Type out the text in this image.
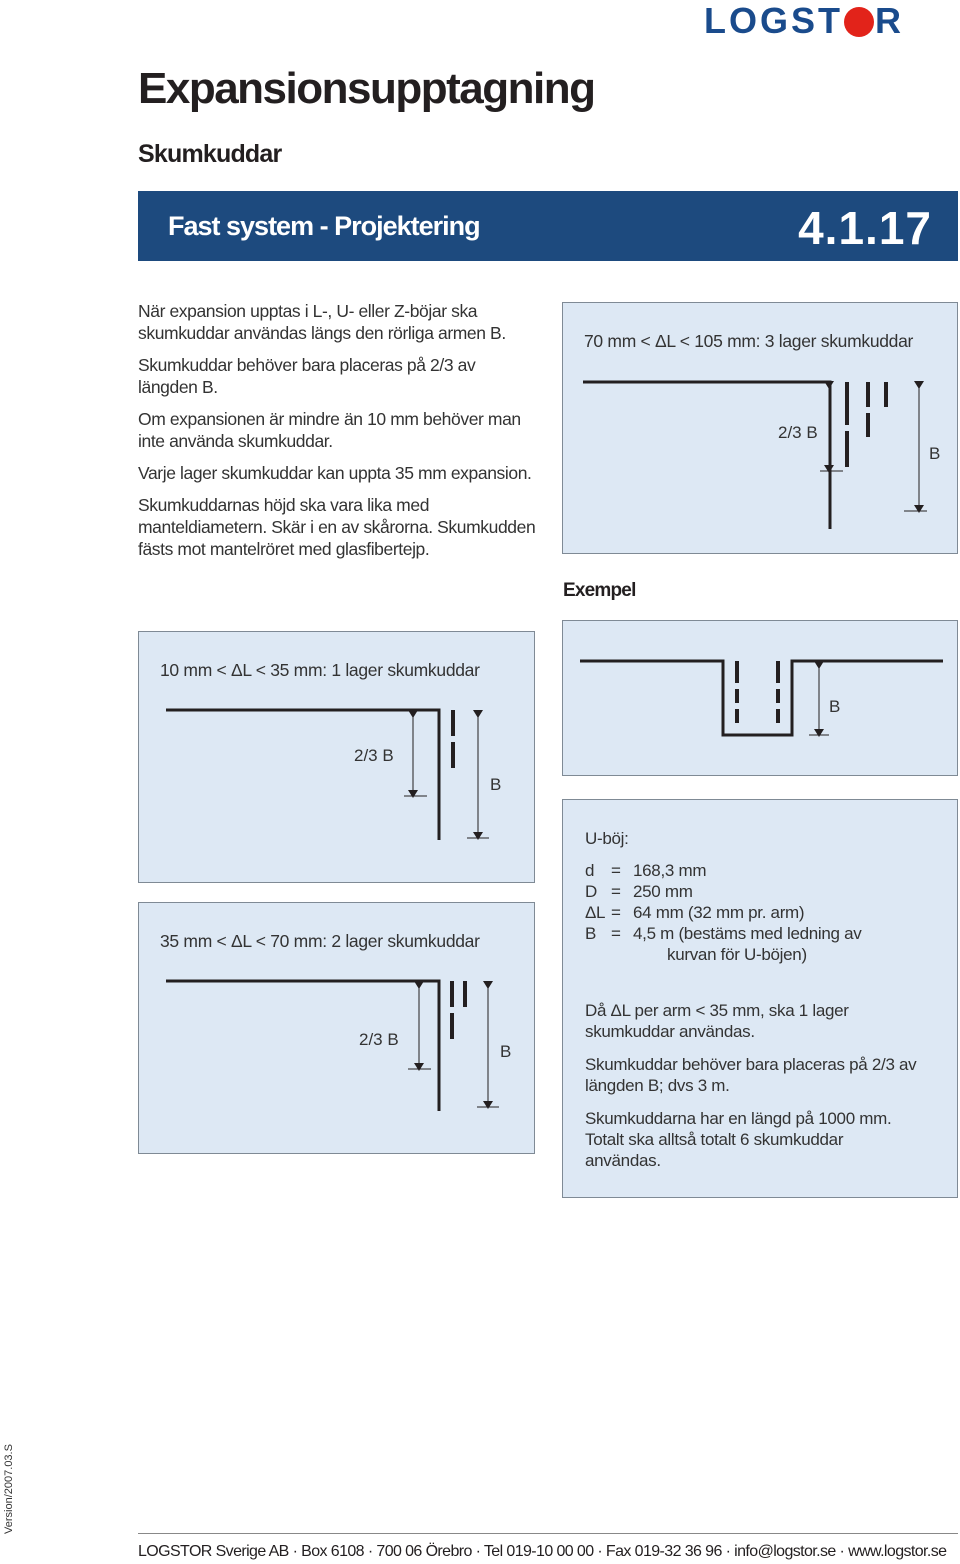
LOGST R
Expansionsupptagning
Skumkuddar
Fast system - Projektering	4.1.17

När expansion upptas i L-, U- eller Z-böjar ska skumkuddar användas längs den rörliga armen B.

Skumkuddar behöver bara placeras på 2/3 av längden B.

Om expansionen är mindre än 10 mm behöver man inte använda skumkuddar.

Varje lager skumkuddar kan uppta 35 mm expansion.

Skumkuddarnas höjd ska vara lika med manteldiametern. Skär i en av skårorna. Skumkudden fästs mot mantelröret med glasfibertejp.

70 mm < ΔL < 105 mm: 3 lager skumkuddar
2/3 B
B
Exempel
10 mm < ΔL < 35 mm: 1 lager skumkuddar
2/3 B
B
B
U-böj:
d = 168,3 mm
D = 250 mm
ΔL = 64 mm (32 mm pr. arm)
B = 4,5 m (bestäms med ledning av
kurvan för U-böjen)
Då ΔL per arm < 35 mm, ska 1 lager skumkuddar användas.
Skumkuddar behöver bara placeras på 2/3 av längden B; dvs 3 m.
Skumkuddarna har en längd på 1000 mm. Totalt ska alltså totalt 6 skumkuddar användas.
35 mm < ΔL < 70 mm: 2 lager skumkuddar
2/3 B
B
Version/2007.03.S
LOGSTOR Sverige AB · Box 6108 · 700 06 Örebro · Tel 019-10 00 00 · Fax 019-32 36 96 · info@logstor.se · www.logstor.se
